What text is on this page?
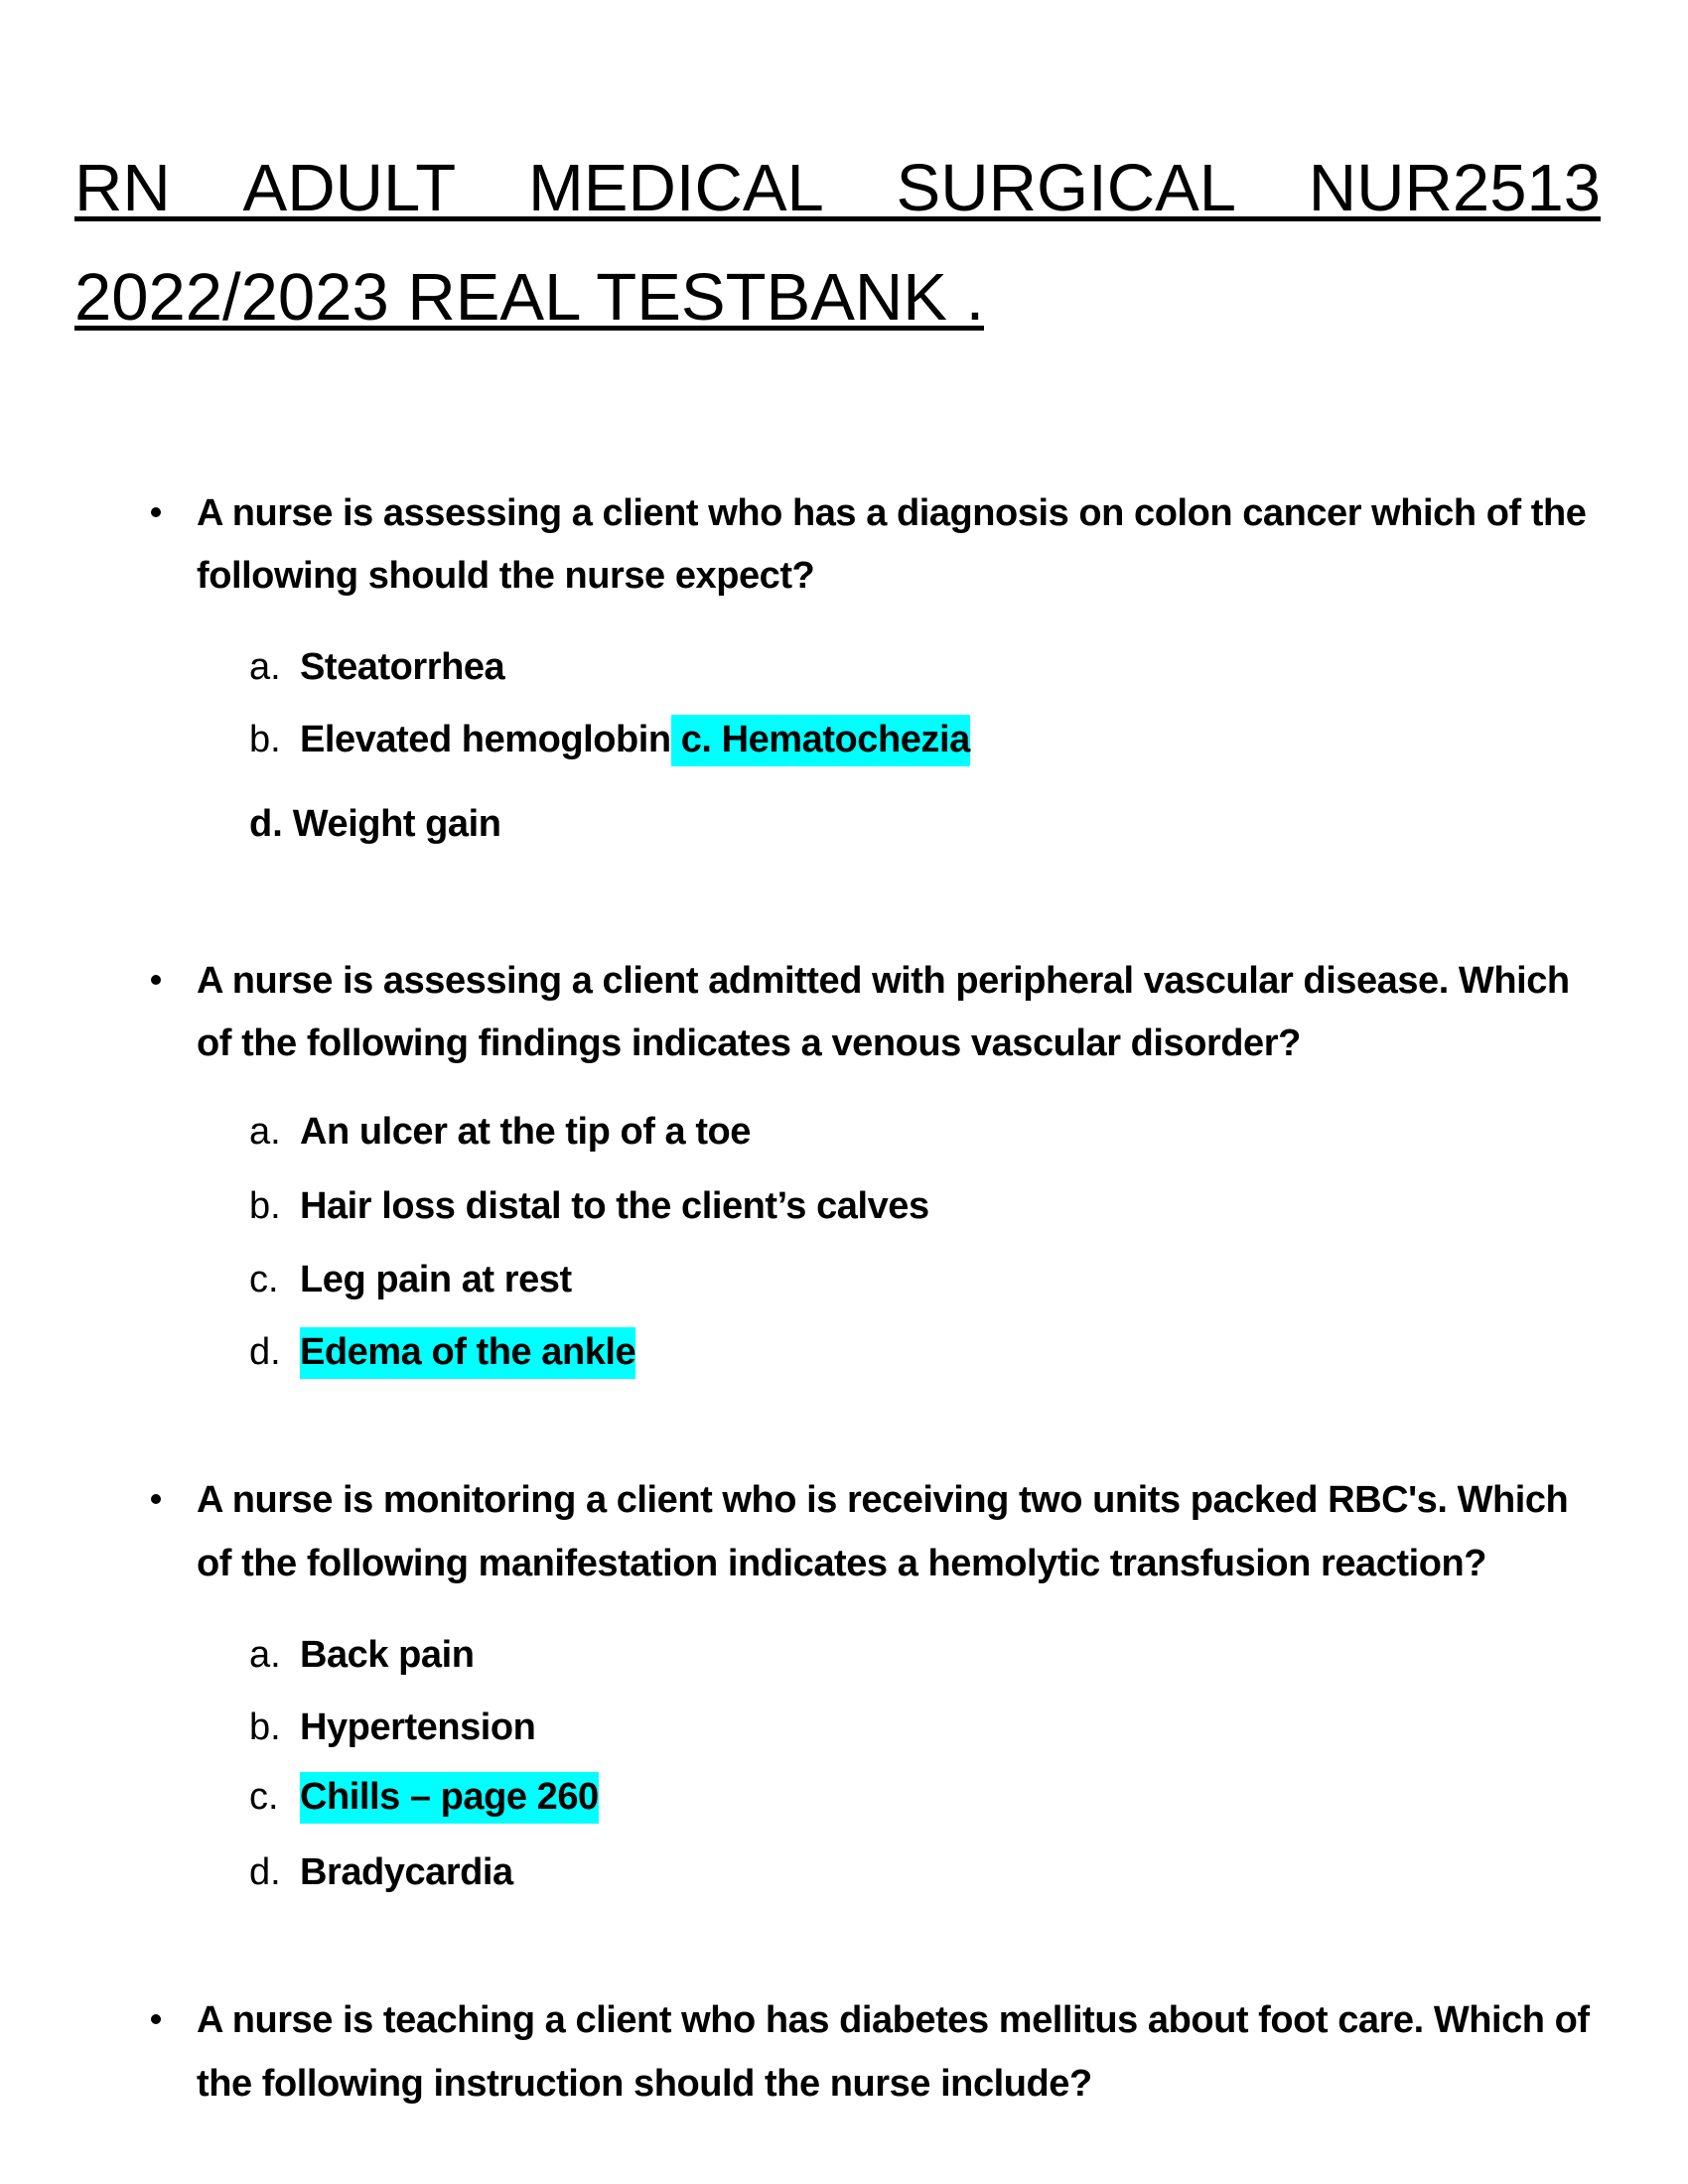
RN ADULT MEDICAL SURGICAL NUR2513
2022/2023 REAL TESTBANK .
A nurse is assessing a client who has a diagnosis on colon cancer which of the
following should the nurse expect?
a. Steatorrhea
b. Elevated hemoglobin c. Hematochezia
d. Weight gain
A nurse is assessing a client admitted with peripheral vascular disease. Which
of the following findings indicates a venous vascular disorder?
a. An ulcer at the tip of a toe
b. Hair loss distal to the client’s calves
c. Leg pain at rest
d. Edema of the ankle
A nurse is monitoring a client who is receiving two units packed RBC's. Which
of the following manifestation indicates a hemolytic transfusion reaction?
a. Back pain
b. Hypertension
c. Chills – page 260
d. Bradycardia
A nurse is teaching a client who has diabetes mellitus about foot care. Which of
the following instruction should the nurse include?
